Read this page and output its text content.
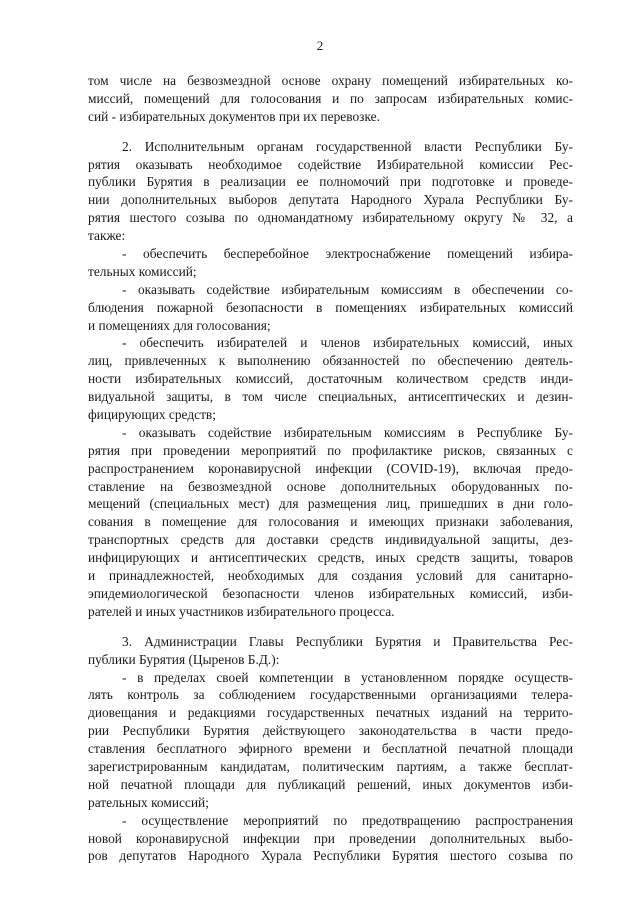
2
том числе на безвозмездной основе охрану помещений избирательных ко-
миссий, помещений для голосования и по запросам избирательных комис-
сий - избирательных документов при их перевозке.
2. Исполнительным органам государственной власти Республики Бу-
рятия оказывать необходимое содействие Избирательной комиссии Рес-
публики Бурятия в реализации ее полномочий при подготовке и проведе-
нии дополнительных выборов депутата Народного Хурала Республики Бу-
рятия шестого созыва по одномандатному избирательному округу № 32, а
также:
- обеспечить бесперебойное электроснабжение помещений избира-
тельных комиссий;
- оказывать содействие избирательным комиссиям в обеспечении со-
блюдения пожарной безопасности в помещениях избирательных комиссий
и помещениях для голосования;
- обеспечить избирателей и членов избирательных комиссий, иных
лиц, привлеченных к выполнению обязанностей по обеспечению деятель-
ности избирательных комиссий, достаточным количеством средств инди-
видуальной защиты, в том числе специальных, антисептических и дезин-
фицирующих средств;
- оказывать содействие избирательным комиссиям в Республике Бу-
рятия при проведении мероприятий по профилактике рисков, связанных с
распространением коронавирусной инфекции (COVID-19), включая предо-
ставление на безвозмездной основе дополнительных оборудованных по-
мещений (специальных мест) для размещения лиц, пришедших в дни голо-
сования в помещение для голосования и имеющих признаки заболевания,
транспортных средств для доставки средств индивидуальной защиты, дез-
инфицирующих и антисептических средств, иных средств защиты, товаров
и принадлежностей, необходимых для создания условий для санитарно-
эпидемиологической безопасности членов избирательных комиссий, изби-
рателей и иных участников избирательного процесса.
3. Администрации Главы Республики Бурятия и Правительства Рес-
публики Бурятия (Цыренов Б.Д.):
- в пределах своей компетенции в установленном порядке осуществ-
лять контроль за соблюдением государственными организациями телера-
диовещания и редакциями государственных печатных изданий на террито-
рии Республики Бурятия действующего законодательства в части предо-
ставления бесплатного эфирного времени и бесплатной печатной площади
зарегистрированным кандидатам, политическим партиям, а также бесплат-
ной печатной площади для публикаций решений, иных документов изби-
рательных комиссий;
- осуществление мероприятий по предотвращению распространения
новой коронавирусной инфекции при проведении дополнительных выбо-
ров депутатов Народного Хурала Республики Бурятия шестого созыва по
